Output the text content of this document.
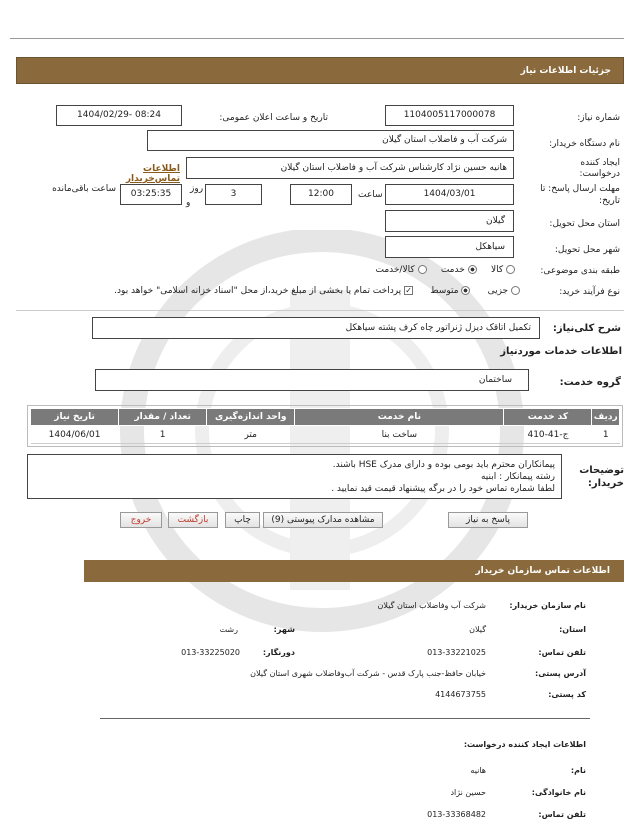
جزئیات اطلاعات نیاز
شماره نیاز:
1104005117000078
تاریخ و ساعت اعلان عمومی:
1404/02/29- 08:24
نام دستگاه خریدار:
شرکت آب و فاضلاب استان گیلان
ایجاد کننده
درخواست:
هانیه حسین نژاد کارشناس شرکت آب و فاضلاب استان گیلان
اطلاعات تماس‌خریدار
مهلت ارسال پاسخ: تا
تاریخ:
1404/03/01
ساعت
12:00
روز
و
3
03:25:35
ساعت باقی‌مانده
استان محل تحویل:
گیلان
شهر محل تحویل:
سیاهکل
طبقه بندی موضوعی:
کالا      خدمت      کالا/خدمت
نوع فرآیند خرید:
جزیی       متوسط      ✓ پرداخت تمام یا بخشی از مبلغ خرید،از محل "اسناد خزانه اسلامی" خواهد بود.
شرح کلی‌نیاز:
تکمیل اتاقک دیزل ژنراتور چاه کرف پشته سیاهکل
اطلاعات خدمات موردنیاز
گروه خدمت:
ساختمان
ردیف	کد خدمت	نام خدمت	واحد اندازه‌گیری	تعداد / مقدار	تاریخ نیاز
1	ج-41-410	ساخت بنا	متر	1	1404/06/01
توضیحات
خریدار:
پیمانکاران محترم باید بومی بوده و دارای مدرک HSE باشند.
رشته پیمانکار : ابنیه
لطفا شماره تماس خود را در برگه پیشنهاد قیمت قید نمایید .
پاسخ به نیاز
مشاهده مدارک پیوستی (9)
چاپ
بازگشت
خروج
اطلاعات تماس سازمان خریدار
نام سازمان خریدار:
شرکت آب وفاضلاب استان گیلان
استان:
گیلان
شهر:
رشت
تلفن تماس:
013-33221025
دورنگار:
013-33225020
آدرس پستی:
خیابان حافظ-جنب پارک قدس - شرکت آب‌وفاضلاب شهری استان گیلان
کد پستی:
4144673755
اطلاعات ایجاد کننده درخواست:
نام:
هانیه
نام خانوادگی:
حسین نژاد
تلفن تماس:
013-33368482
